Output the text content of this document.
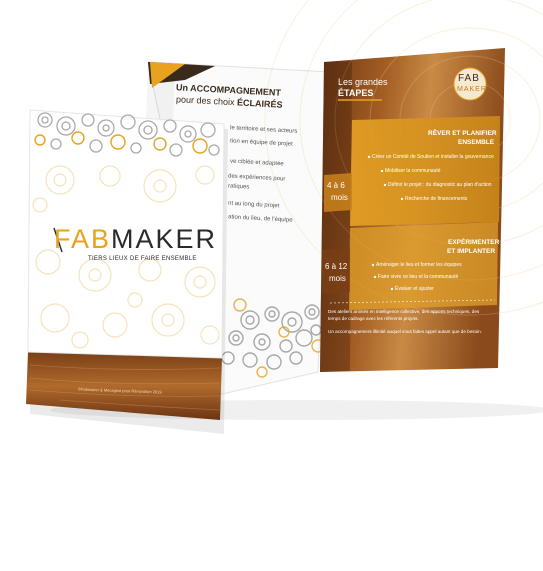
Un ACCOMPAGNEMENT
pour des choix ÉCLAIRÉS
le territoire et ses acteurs
tion en équipe de projet
ve ciblée et adaptée
des expériences pour
ratiques
nt au long du projet
ation du lieu, de l'équipe
Les grandes
ÉTAPES
FAB
MAKER
RÊVER ET PLANIFIER
ENSEMBLE
4 à 6
mois
Créer un Comité de Soutien et installer la gouvernance
Mobiliser la communauté
Définir le projet : du diagnostic au plan d'action
Recherche de financements
EXPÉRIMENTER
ET IMPLANTER
6 à 12
mois
Aménager le lieu et former les équipes
Faire vivre ce lieu et la communauté
Évaluer et ajuster
Des ateliers animés en intelligence collective, des apports techniques, des
temps de cadrage avec les référents projets.
Un accompagnement illimité auquel vous faites appel autant que de besoin.
FABMAKER
TIERS LIEUX DE FAIRE ENSEMBLE
©Fabmaker & Mecagest pour Rénovation 2019
